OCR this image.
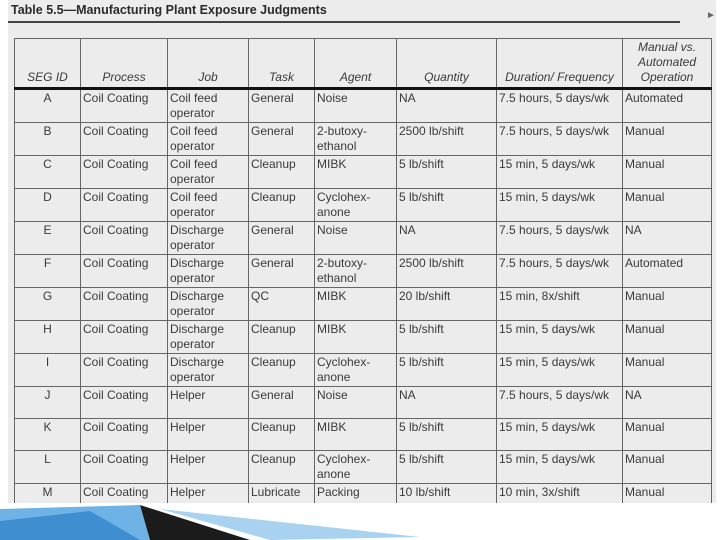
Table 5.5—Manufacturing Plant Exposure Judgments
SEG ID	Process	Job	Task	Agent	Quantity	Duration/ Frequency	Manual vs. Automated Operation
A	Coil Coating	Coil feed operator	General	Noise	NA	7.5 hours, 5 days/wk	Automated
B	Coil Coating	Coil feed operator	General	2-butoxy-ethanol	2500 lb/shift	7.5 hours, 5 days/wk	Manual
C	Coil Coating	Coil feed operator	Cleanup	MIBK	5 lb/shift	15 min, 5 days/wk	Manual
D	Coil Coating	Coil feed operator	Cleanup	Cyclohex-anone	5 lb/shift	15 min, 5 days/wk	Manual
E	Coil Coating	Discharge operator	General	Noise	NA	7.5 hours, 5 days/wk	NA
F	Coil Coating	Discharge operator	General	2-butoxy-ethanol	2500 lb/shift	7.5 hours, 5 days/wk	Automated
G	Coil Coating	Discharge operator	QC	MIBK	20 lb/shift	15 min, 8x/shift	Manual
H	Coil Coating	Discharge operator	Cleanup	MIBK	5 lb/shift	15 min, 5 days/wk	Manual
I	Coil Coating	Discharge operator	Cleanup	Cyclohex-anone	5 lb/shift	15 min, 5 days/wk	Manual
J	Coil Coating	Helper	General	Noise	NA	7.5 hours, 5 days/wk	NA
K	Coil Coating	Helper	Cleanup	MIBK	5 lb/shift	15 min, 5 days/wk	Manual
L	Coil Coating	Helper	Cleanup	Cyclohex-anone	5 lb/shift	15 min, 5 days/wk	Manual
M	Coil Coating	Helper	Lubricate	Packing	10 lb/shift	10 min, 3x/shift	Manual
►
